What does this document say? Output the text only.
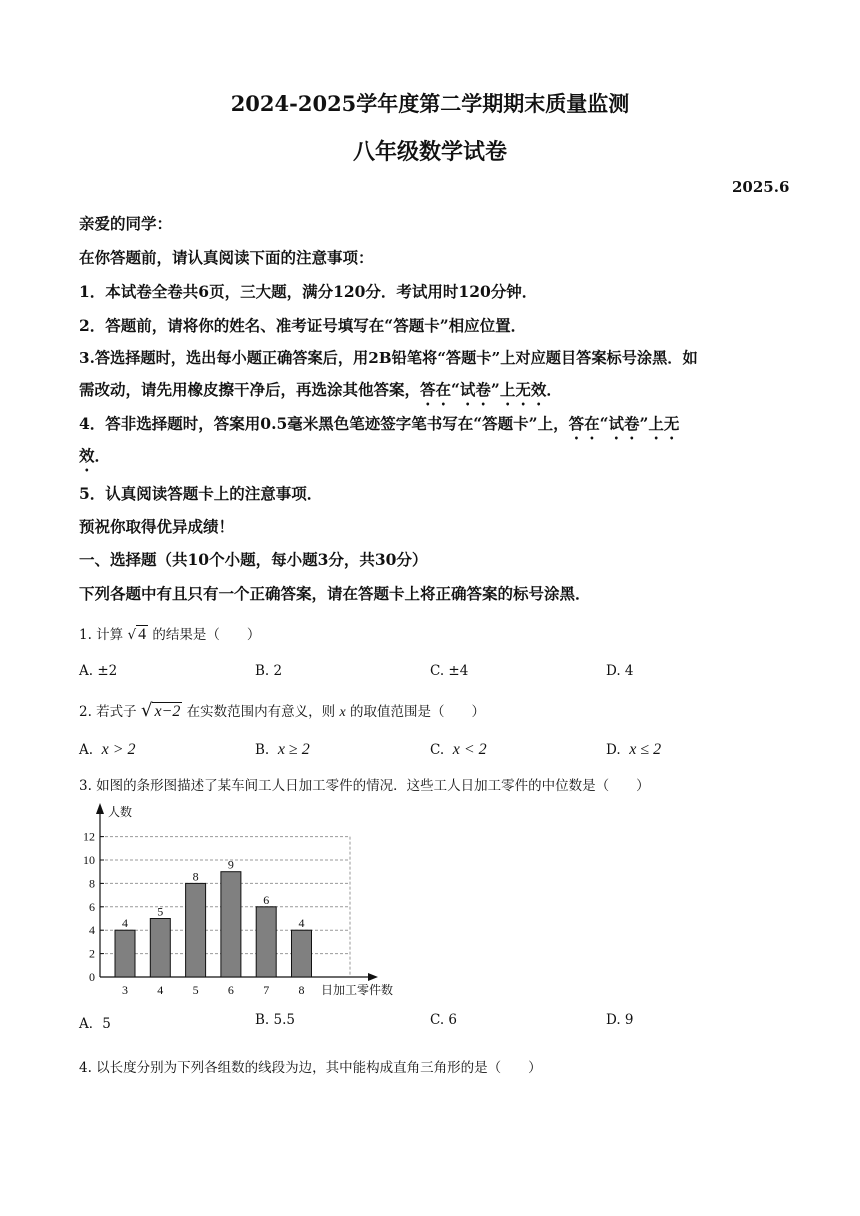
2024-2025学年度第二学期期末质量监测
八年级数学试卷
2025.6
亲爱的同学：
在你答题前，请认真阅读下面的注意事项：
1．本试卷全卷共6页，三大题，满分120分．考试用时120分钟．
2．答题前，请将你的姓名、准考证号填写在“答题卡”相应位置．
3.答选择题时，选出每小题正确答案后，用2B铅笔将“答题卡”上对应题目答案标号涂黑．如
需改动，请先用橡皮擦干净后，再选涂其他答案，答在“试卷”上无效．
4．答非选择题时，答案用0.5毫米黑色笔迹签字笔书写在“答题卡”上，答在“试卷”上无
效．
5．认真阅读答题卡上的注意事项．
预祝你取得优异成绩！
一、选择题（共10个小题，每小题3分，共30分）
下列各题中有且只有一个正确答案，请在答题卡上将正确答案的标号涂黑．
1. 计算 √ 4 的结果是（　　）
A. ±2	B. 2	C. ±4	D. 4
2. 若式子 √ x−2 在实数范围内有意义，则 x 的取值范围是（　　）
A. x > 2	B. x ≥ 2	C. x < 2	D. x ≤ 2
3. 如图的条形图描述了某车间工人日加工零件的情况．这些工人日加工零件的中位数是（　　）
0
2
4
6
8
10
12
4
3
5
4
8
5
9
6
6
7
4
8
人数
日加工零件数
A．5	B. 5.5	C. 6	D. 9
4. 以长度分别为下列各组数的线段为边，其中能构成直角三角形的是（　　）
